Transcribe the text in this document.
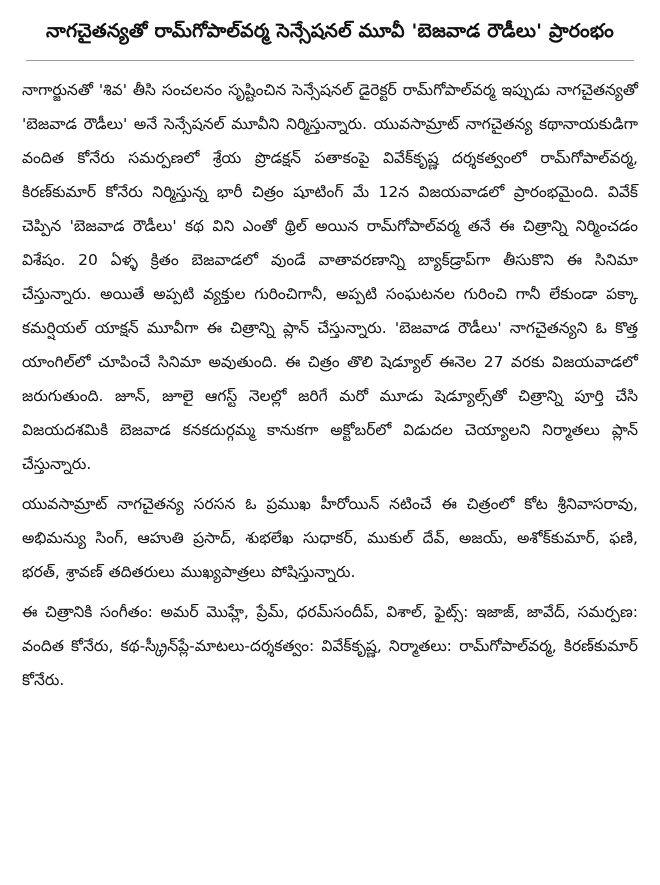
నాగచైతన్యతో రామ్‌గోపాల్‌వర్మ సెన్సేషనల్ మూవీ 'బెజవాడ రౌడీలు' ప్రారంభం

నాగార్జునతో 'శివ' తీసి సంచలనం సృష్టించిన సెన్సేషనల్ డైరెక్టర్ రామ్‌గోపాల్‌వర్మ ఇప్పుడు నాగచైతన్యతో 'బెజవాడ రౌడీలు' అనే సెన్సేషనల్ మూవీని నిర్మిస్తున్నారు. యువసామ్రాట్ నాగచైతన్య కథానాయకుడిగా వందిత కోనేరు సమర్పణలో శ్రేయ ప్రొడక్షన్ పతాకంపై వివేక్‌కృష్ణ దర్శకత్వంలో రామ్‌గోపాల్‌వర్మ, కిరణ్‌కుమార్ కోనేరు నిర్మిస్తున్న భారీ చిత్రం షూటింగ్ మే 12న విజయవాడలో ప్రారంభమైంది. వివేక్ చెప్పిన 'బెజవాడ రౌడీలు' కథ విని ఎంతో థ్రిల్ అయిన రామ్‌గోపాల్‌వర్మ తనే ఈ చిత్రాన్ని నిర్మించడం విశేషం. 20 ఏళ్ళ క్రితం బెజవాడలో వుండే వాతావరణాన్ని బ్యాక్‌డ్రాప్‌గా తీసుకొని ఈ సినిమా చేస్తున్నారు. అయితే అప్పటి వ్యక్తుల గురించిగానీ, అప్పటి సంఘటనల గురించి గానీ లేకుండా పక్కా కమర్షియల్ యాక్షన్ మూవీగా ఈ చిత్రాన్ని ప్లాన్ చేస్తున్నారు. 'బెజవాడ రౌడీలు' నాగచైతన్యని ఓ కొత్త యాంగిల్‌లో చూపించే సినిమా అవుతుంది. ఈ చిత్రం తొలి షెడ్యూల్ ఈనెల 27 వరకు విజయవాడలో జరుగుతుంది. జూన్, జూలై ఆగస్ట్ నెలల్లో జరిగే మరో మూడు షెడ్యూల్స్‌తో చిత్రాన్ని పూర్తి చేసి విజయదశమికి బెజవాడ కనకదుర్గమ్మ కానుకగా అక్టోబర్‌లో విడుదల చెయ్యాలని నిర్మాతలు ప్లాన్ చేస్తున్నారు.

యువసామ్రాట్ నాగచైతన్య సరసన ఓ ప్రముఖ హీరోయిన్ నటించే ఈ చిత్రంలో కోట శ్రీనివాసరావు, అభిమన్యు సింగ్, ఆహుతి ప్రసాద్, శుభలేఖ సుధాకర్, ముకుల్ దేవ్, అజయ్, అశోక్‌కుమార్, ఫణి, భరత్, శ్రావణ్ తదితరులు ముఖ్యపాత్రలు పోషిస్తున్నారు.

ఈ చిత్రానికి సంగీతం: అమర్ మొహ్లే, ప్రేమ్, ధరమ్‌సందీప్, విశాల్, ఫైట్స్: ఇజాజ్, జావేద్, సమర్పణ: వందిత కోనేరు, కథ-స్క్రీన్‌ప్లే-మాటలు-దర్శకత్వం: వివేక్‌కృష్ణ, నిర్మాతలు: రామ్‌గోపాల్‌వర్మ, కిరణ్‌కుమార్ కోనేరు.
